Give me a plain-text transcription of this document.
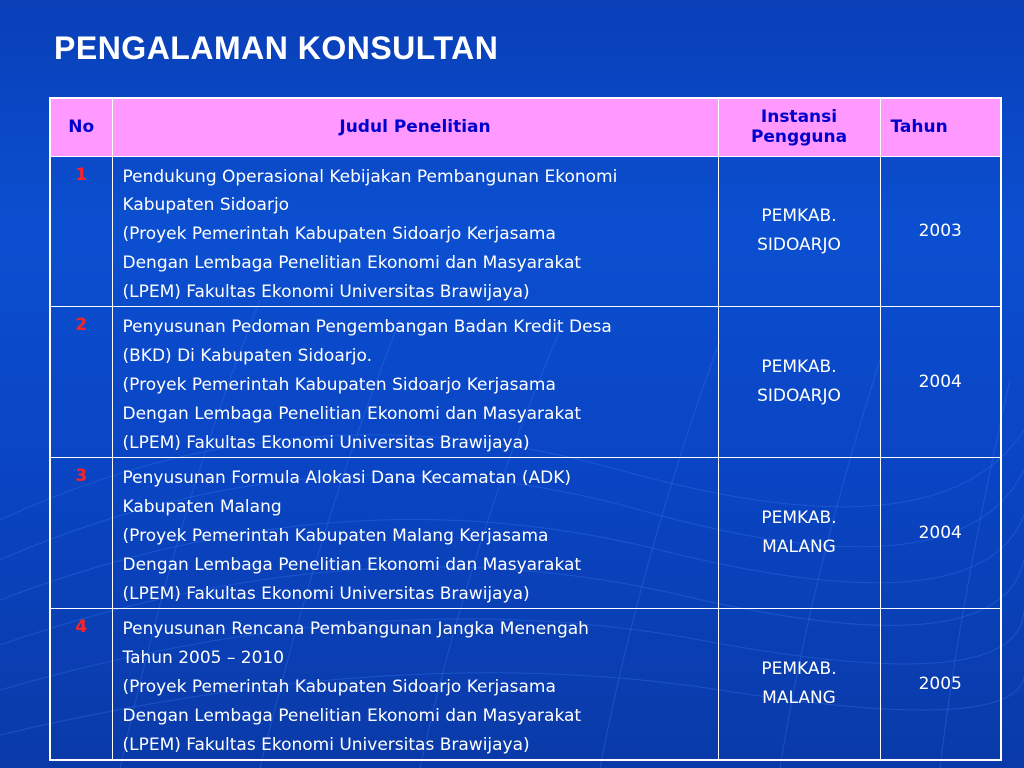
PENGALAMAN KONSULTAN
No	Judul Penelitian	Instansi
Pengguna	Tahun
1	Pendukung Operasional Kebijakan Pembangunan Ekonomi
Kabupaten Sidoarjo
(Proyek Pemerintah Kabupaten Sidoarjo Kerjasama
Dengan Lembaga Penelitian Ekonomi dan Masyarakat
(LPEM) Fakultas Ekonomi Universitas Brawijaya)	PEMKAB.
SIDOARJO	2003
2	Penyusunan Pedoman Pengembangan Badan Kredit Desa
(BKD) Di Kabupaten Sidoarjo.
(Proyek Pemerintah Kabupaten Sidoarjo Kerjasama
Dengan Lembaga Penelitian Ekonomi dan Masyarakat
(LPEM) Fakultas Ekonomi Universitas Brawijaya)	PEMKAB.
SIDOARJO	2004
3	Penyusunan Formula Alokasi Dana Kecamatan (ADK)
Kabupaten Malang
(Proyek Pemerintah Kabupaten Malang Kerjasama
Dengan Lembaga Penelitian Ekonomi dan Masyarakat
(LPEM) Fakultas Ekonomi Universitas Brawijaya)	PEMKAB.
MALANG	2004
4	Penyusunan Rencana Pembangunan Jangka Menengah
Tahun 2005 – 2010
(Proyek Pemerintah Kabupaten Sidoarjo Kerjasama
Dengan Lembaga Penelitian Ekonomi dan Masyarakat
(LPEM) Fakultas Ekonomi Universitas Brawijaya)	PEMKAB.
MALANG	2005
